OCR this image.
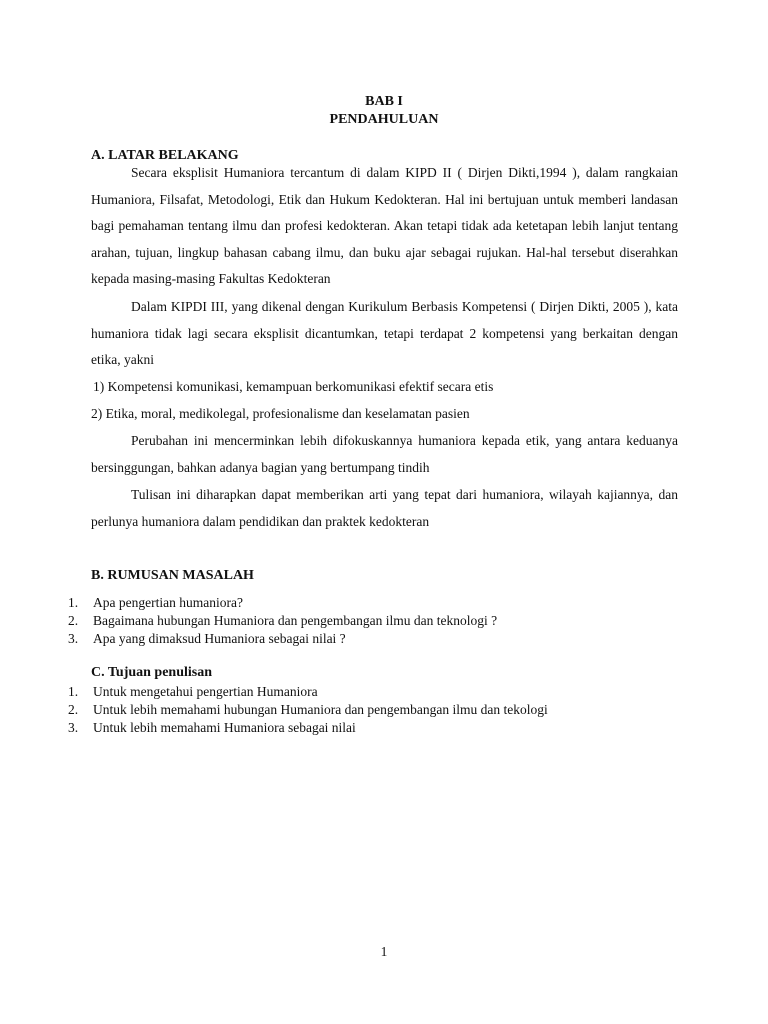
BAB I
PENDAHULUAN
A. LATAR BELAKANG

Secara eksplisit Humaniora tercantum di dalam KIPD II ( Dirjen Dikti,1994 ), dalam rangkaian Humaniora, Filsafat, Metodologi, Etik dan Hukum Kedokteran. Hal ini bertujuan untuk memberi landasan bagi pemahaman tentang ilmu dan profesi kedokteran. Akan tetapi tidak ada ketetapan lebih lanjut tentang arahan, tujuan, lingkup bahasan cabang ilmu, dan buku ajar sebagai rujukan. Hal-hal tersebut diserahkan kepada masing-masing Fakultas Kedokteran

Dalam KIPDI III, yang dikenal dengan Kurikulum Berbasis Kompetensi ( Dirjen Dikti, 2005 ), kata humaniora tidak lagi secara eksplisit dicantumkan, tetapi terdapat 2 kompetensi yang berkaitan dengan etika, yakni

1) Kompetensi komunikasi, kemampuan berkomunikasi efektif secara etis
2) Etika, moral, medikolegal, profesionalisme dan keselamatan pasien

Perubahan ini mencerminkan lebih difokuskannya humaniora kepada etik, yang antara keduanya bersinggungan, bahkan adanya bagian yang bertumpang tindih

Tulisan ini diharapkan dapat memberikan arti yang tepat dari humaniora, wilayah kajiannya, dan perlunya humaniora dalam pendidikan dan praktek kedokteran

B. RUMUSAN MASALAH
1. Apa pengertian humaniora?
2. Bagaimana hubungan Humaniora dan pengembangan ilmu dan teknologi ?
3. Apa yang dimaksud Humaniora sebagai nilai ?
C. Tujuan penulisan
1. Untuk mengetahui pengertian Humaniora
2. Untuk lebih memahami hubungan Humaniora dan pengembangan ilmu dan tekologi
3. Untuk lebih memahami Humaniora sebagai nilai
1
